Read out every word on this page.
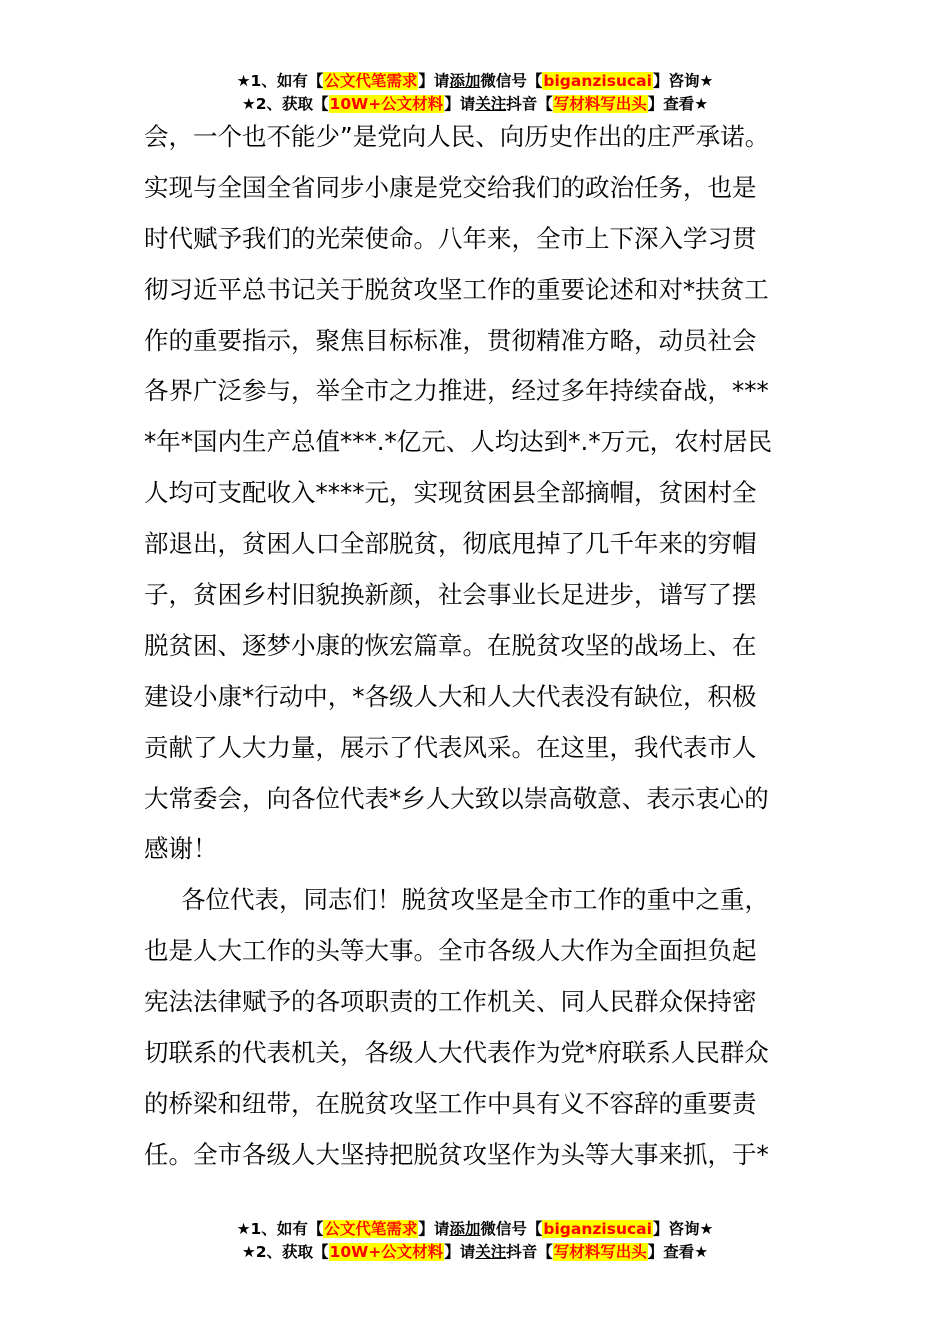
★1、如有【公文代笔需求】请添加微信号【biganzisucai】咨询★
★2、获取【10W+公文材料】请关注抖音【写材料写出头】查看★
会，一个也不能少”是党向人民、向历史作出的庄严承诺。
实现与全国全省同步小康是党交给我们的政治任务，也是
时代赋予我们的光荣使命。八年来，全市上下深入学习贯
彻习近平总书记关于脱贫攻坚工作的重要论述和对*扶贫工
作的重要指示，聚焦目标标准，贯彻精准方略，动员社会
各界广泛参与，举全市之力推进，经过多年持续奋战，***
*年*国内生产总值***.*亿元、人均达到*.*万元，农村居民
人均可支配收入****元，实现贫困县全部摘帽，贫困村全
部退出，贫困人口全部脱贫，彻底甩掉了几千年来的穷帽
子，贫困乡村旧貌换新颜，社会事业长足进步，谱写了摆
脱贫困、逐梦小康的恢宏篇章。在脱贫攻坚的战场上、在
建设小康*行动中，*各级人大和人大代表没有缺位，积极
贡献了人大力量，展示了代表风采。在这里，我代表市人
大常委会，向各位代表*乡人大致以崇高敬意、表示衷心的
感谢！
各位代表，同志们！脱贫攻坚是全市工作的重中之重，
也是人大工作的头等大事。全市各级人大作为全面担负起
宪法法律赋予的各项职责的工作机关、同人民群众保持密
切联系的代表机关，各级人大代表作为党*府联系人民群众
的桥梁和纽带，在脱贫攻坚工作中具有义不容辞的重要责
任。全市各级人大坚持把脱贫攻坚作为头等大事来抓，于*
★1、如有【公文代笔需求】请添加微信号【biganzisucai】咨询★
★2、获取【10W+公文材料】请关注抖音【写材料写出头】查看★
